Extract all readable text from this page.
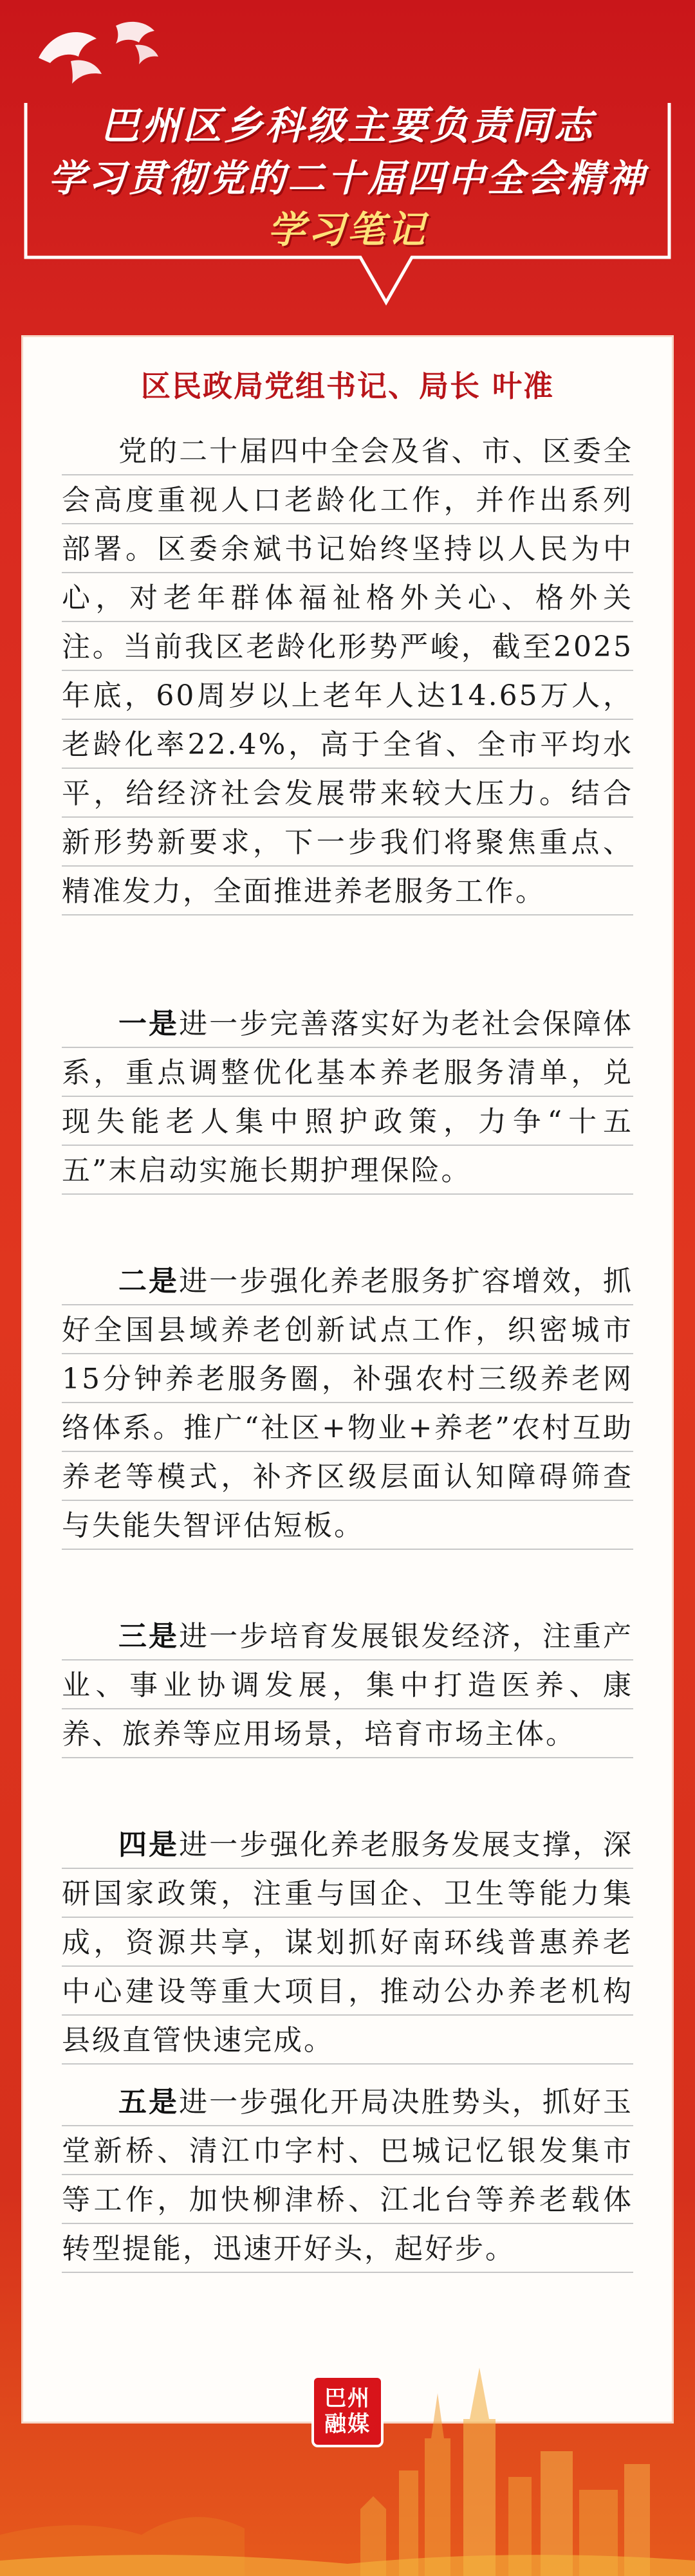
巴州区乡科级主要负责同志
学习贯彻党的二十届四中全会精神
学习笔记
区民政局党组书记、局长 叶准

党的二十届四中全会及省、市、区委全会高度重视人口老龄化工作，并作出系列部署。区委余斌书记始终坚持以人民为中心，对老年群体福祉格外关心、格外关注。当前我区老龄化形势严峻，截至2025年底，60周岁以上老年人达14.65万人，老龄化率22.4%，高于全省、全市平均水平，给经济社会发展带来较大压力。结合新形势新要求，下一步我们将聚焦重点、精准发力，全面推进养老服务工作。

一是进一步完善落实好为老社会保障体系，重点调整优化基本养老服务清单，兑现失能老人集中照护政策，力争“十五五”末启动实施长期护理保险。

二是进一步强化养老服务扩容增效，抓好全国县域养老创新试点工作，织密城市15分钟养老服务圈，补强农村三级养老网络体系。推广“社区+物业+养老”农村互助养老等模式，补齐区级层面认知障碍筛查与失能失智评估短板。

三是进一步培育发展银发经济，注重产业、事业协调发展，集中打造医养、康养、旅养等应用场景，培育市场主体。

四是进一步强化养老服务发展支撑，深研国家政策，注重与国企、卫生等能力集成，资源共享，谋划抓好南环线普惠养老中心建设等重大项目，推动公办养老机构县级直管快速完成。

五是进一步强化开局决胜势头，抓好玉堂新桥、清江巾字村、巴城记忆银发集市等工作，加快柳津桥、江北台等养老载体转型提能，迅速开好头，起好步。

巴州
融媒
